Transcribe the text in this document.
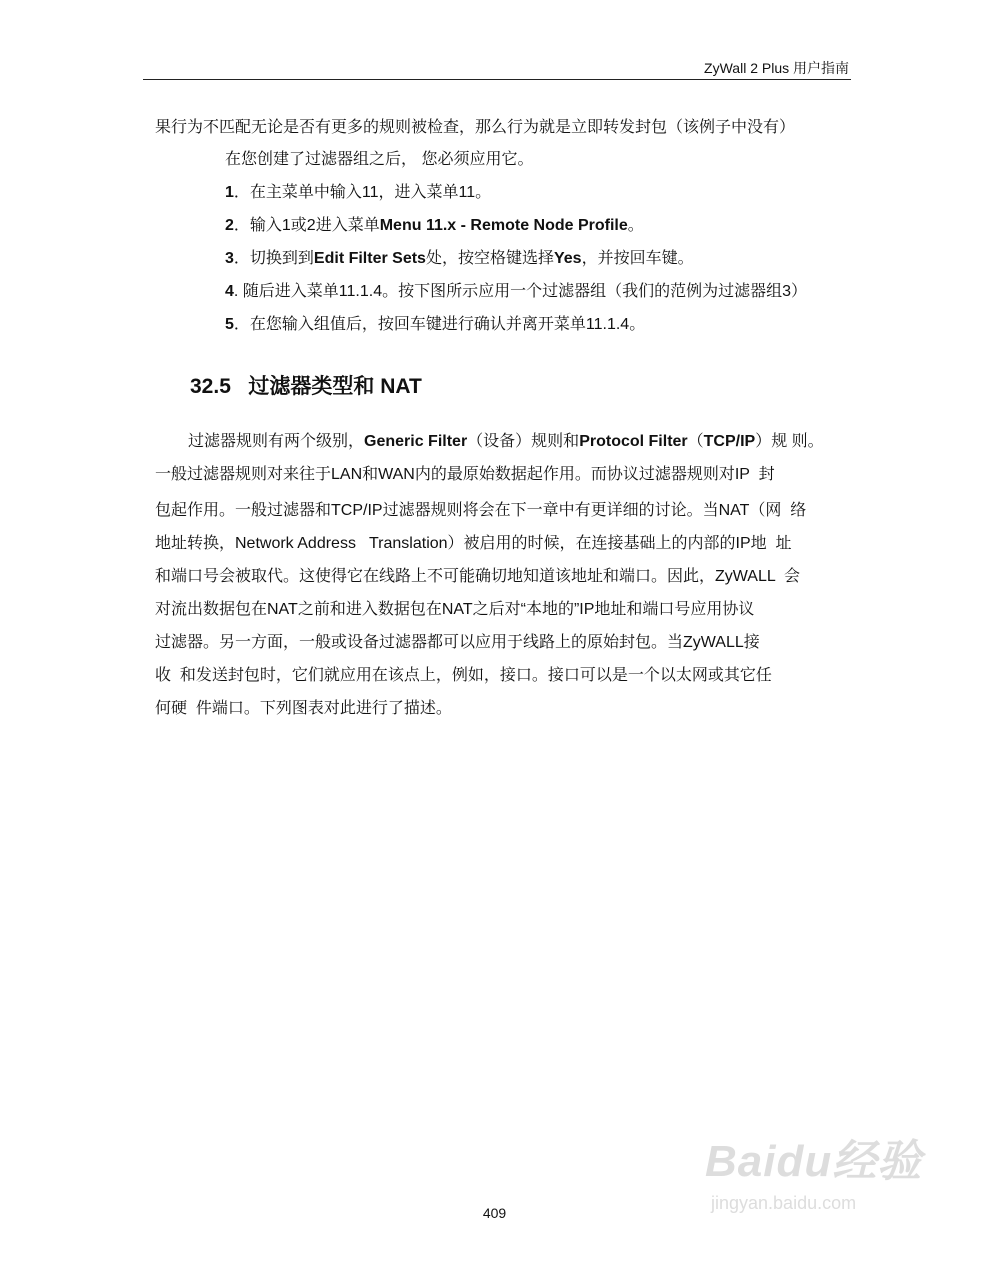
ZyWall 2 Plus 用户指南
果行为不匹配无论是否有更多的规则被检查，那么行为就是立即转发封包（该例子中没有）
在您创建了过滤器组之后， 您必须应用它。
1．在主菜单中输入11，进入菜单11。
2．输入1或2进入菜单Menu 11.x - Remote Node Profile。
3．切换到到Edit Filter Sets处，按空格键选择Yes，并按回车键。
4. 随后进入菜单11.1.4。按下图所示应用一个过滤器组（我们的范例为过滤器组3）
5．在您输入组值后，按回车键进行确认并离开菜单11.1.4。
32.5 过滤器类型和 NAT
过滤器规则有两个级别，Generic Filter（设备）规则和Protocol Filter（TCP/IP）规 则。
一般过滤器规则对来往于LAN和WAN内的最原始数据起作用。而协议过滤器规则对IP  封
包起作用。一般过滤器和TCP/IP过滤器规则将会在下一章中有更详细的讨论。当NAT（网  络
地址转换，Network Address   Translation）被启用的时候，在连接基础上的内部的IP地  址
和端口号会被取代。这使得它在线路上不可能确切地知道该地址和端口。因此，ZyWALL  会
对流出数据包在NAT之前和进入数据包在NAT之后对“本地的”IP地址和端口号应用协议
过滤器。另一方面，一般或设备过滤器都可以应用于线路上的原始封包。当ZyWALL接
收  和发送封包时，它们就应用在该点上，例如，接口。接口可以是一个以太网或其它任
何硬  件端口。下列图表对此进行了描述。
409
Baidu经验
jingyan.baidu.com
